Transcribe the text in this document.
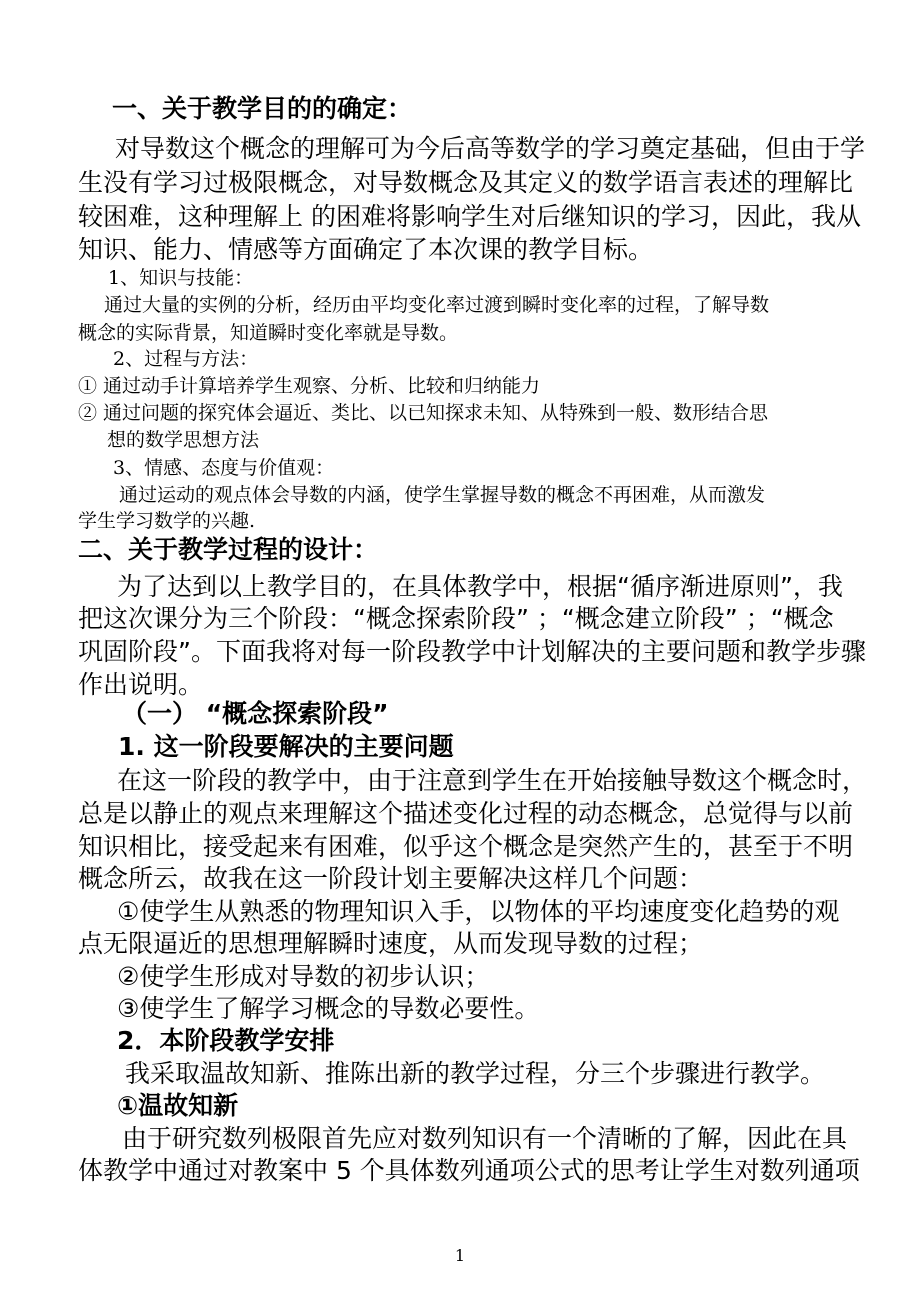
一、关于教学目的的确定：
对导数这个概念的理解可为今后高等数学的学习奠定基础，但由于学
生没有学习过极限概念，对导数概念及其定义的数学语言表述的理解比
较困难，这种理解上 的困难将影响学生对后继知识的学习，因此，我从
知识、能力、情感等方面确定了本次课的教学目标。
1、知识与技能：
通过大量的实例的分析，经历由平均变化率过渡到瞬时变化率的过程，了解导数
概念的实际背景，知道瞬时变化率就是导数。
2、过程与方法：
① 通过动手计算培养学生观察、分析、比较和归纳能力
② 通过问题的探究体会逼近、类比、以已知探求未知、从特殊到一般、数形结合思
想的数学思想方法
3、情感、态度与价值观：
通过运动的观点体会导数的内涵，使学生掌握导数的概念不再困难，从而激发
学生学习数学的兴趣.
二、关于教学过程的设计：
为了达到以上教学目的，在具体教学中，根据“循序渐进原则”，我
把这次课分为三个阶段：“概念探索阶段” ；“概念建立阶段” ；“概念
巩固阶段”。下面我将对每一阶段教学中计划解决的主要问题和教学步骤
作出说明。
（一） “概念探索阶段”
1. 这一阶段要解决的主要问题
在这一阶段的教学中，由于注意到学生在开始接触导数这个概念时，
总是以静止的观点来理解这个描述变化过程的动态概念，总觉得与以前
知识相比，接受起来有困难，似乎这个概念是突然产生的，甚至于不明
概念所云，故我在这一阶段计划主要解决这样几个问题：
①使学生从熟悉的物理知识入手，以物体的平均速度变化趋势的观
点无限逼近的思想理解瞬时速度，从而发现导数的过程；
②使学生形成对导数的初步认识；
③使学生了解学习概念的导数必要性。
2．本阶段教学安排
我采取温故知新、推陈出新的教学过程，分三个步骤进行教学。
①温故知新
由于研究数列极限首先应对数列知识有一个清晰的了解，因此在具
体教学中通过对教案中 5 个具体数列通项公式的思考让学生对数列通项
1
